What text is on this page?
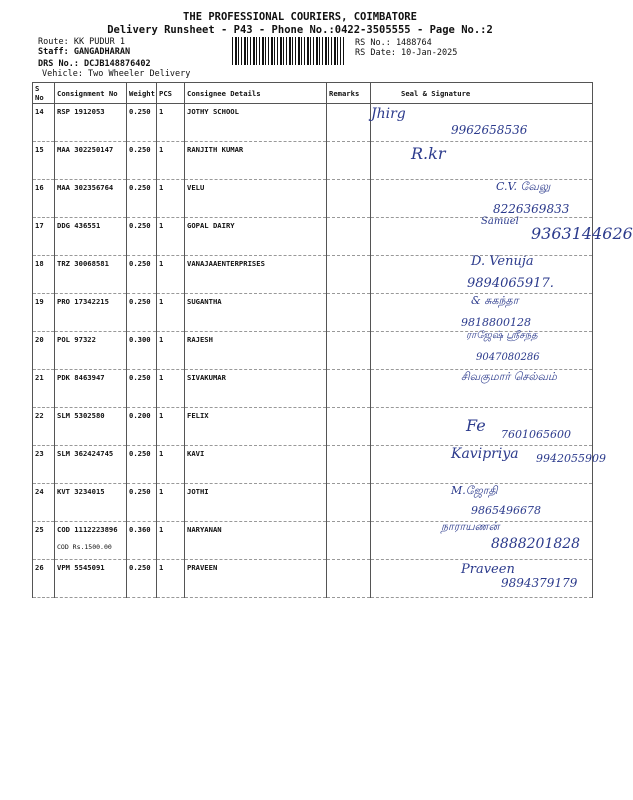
THE PROFESSIONAL COURIERS, COIMBATORE
Delivery Runsheet - P43 - Phone No.:0422-3505555 - Page No.:2
Route: KK PUDUR 1
Staff: GANGADHARAN
DRS No.: DCJB148876402
Vehicle: Two Wheeler Delivery
RS No.: 1488764
RS Date: 10-Jan-2025
S No	Consignment No	Weight	PCS	Consignee Details	Remarks	Seal & Signature
14	RSP 1912053	0.250	1	JOTHY SCHOOL		Jhirg
9962658536

15	MAA 302250147	0.250	1	RANJITH KUMAR		R.kr

16	MAA 302356764	0.250	1	VELU		C.V. வேலு
8226369833

17	DDG 436551	0.250	1	GOPAL DAIRY		Samuel
9363144626

18	TRZ 30068581	0.250	1	VANAJAAENTERPRISES		D. Venuja
9894065917.

19	PRO 17342215	0.250	1	SUGANTHA		& சுகந்தா
9818800128

20	POL 97322	0.300	1	RAJESH		ராஜேஷ் ஸ்ரீசந்த
9047080286

21	PDK 8463947	0.250	1	SIVAKUMAR		சிவகுமார் செல்வம்

22	SLM 5302580	0.200	1	FELIX		Fe 7601065600

23	SLM 362424745	0.250	1	KAVI		Kavipriya 9942055909

24	KVT 3234015	0.250	1	JOTHI		M.ஜோதி
9865496678

25	COD 1112223896
COD Rs.1500.00	0.360	1	NARYANAN		நாராயணன்
8888201828

26	VPM 5545091	0.250	1	PRAVEEN		Praveen
9894379179
